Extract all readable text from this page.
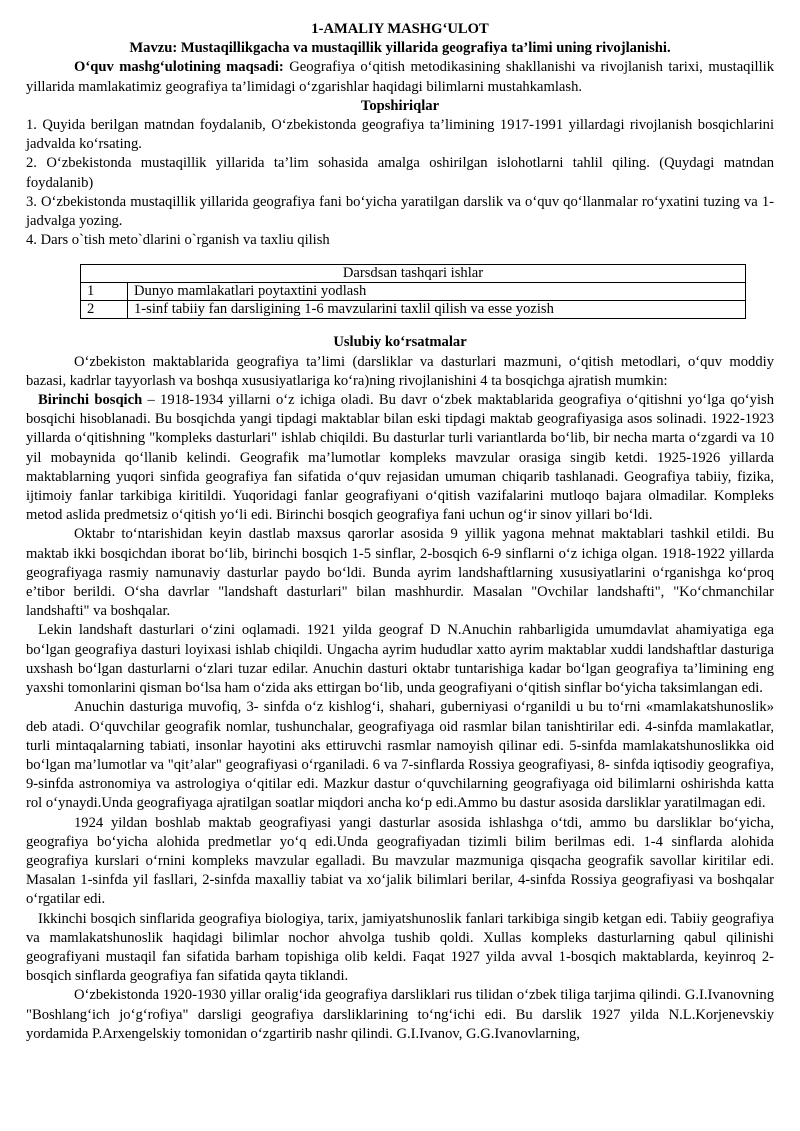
1-AMALIY MASHG‘ULOT

Mavzu: Mustaqillikgacha va mustaqillik yillarida geografiya ta’limi uning rivojlanishi.

O‘quv mashg‘ulotining maqsadi: Geografiya o‘qitish metodikasining shakllanishi va rivojlanish tarixi, mustaqillik yillarida mamlakatimiz geografiya ta’limidagi o‘zgarishlar haqidagi bilimlarni mustahkamlash.

Topshiriqlar

1. Quyida berilgan matndan foydalanib, O‘zbekistonda geografiya ta’limining 1917-1991 yillardagi rivojlanish bosqichlarini jadvalda ko‘rsating.

2. O‘zbekistonda mustaqillik yillarida ta’lim sohasida amalga oshirilgan islohotlarni tahlil qiling. (Quydagi matndan foydalanib)

3. O‘zbekistonda mustaqillik yillarida geografiya fani bo‘yicha yaratilgan darslik va o‘quv qo‘llanmalar ro‘yxatini tuzing va 1-jadvalga yozing.

4. Dars o`tish meto`dlarini o`rganish va taxliu qilish

Darsdsan tashqari ishlar	
1	Dunyo mamlakatlari poytaxtini yodlash
2	1-sinf tabiiy fan darsligining 1-6 mavzularini taxlil qilish va esse yozish

Uslubiy ko‘rsatmalar

O‘zbekiston maktablarida geografiya ta’limi (darsliklar va dasturlari mazmuni, o‘qitish metodlari, o‘quv moddiy bazasi, kadrlar tayyorlash va boshqa xususiyatlariga ko‘ra)ning rivojlanishini 4 ta bosqichga ajratish mumkin:

Birinchi bosqich – 1918-1934 yillarni o‘z ichiga oladi. Bu davr o‘zbek maktablarida geografiya o‘qitishni yo‘lga qo‘yish bosqichi hisoblanadi. Bu bosqichda yangi tipdagi maktablar bilan eski tipdagi maktab geografiyasiga asos solinadi. 1922-1923 yillarda o‘qitishning "kompleks dasturlari" ishlab chiqildi. Bu dasturlar turli variantlarda bo‘lib, bir necha marta o‘zgardi va 10 yil mobaynida qo‘llanib kelindi. Geografik ma’lumotlar kompleks mavzular orasiga singib ketdi. 1925-1926 yillarda maktablarning yuqori sinfida geografiya fan sifatida o‘quv rejasidan umuman chiqarib tashlanadi. Geografiya tabiiy, fizika, ijtimoiy fanlar tarkibiga kiritildi. Yuqoridagi fanlar geografiyani o‘qitish vazifalarini mutloqo bajara olmadilar. Kompleks metod aslida predmetsiz o‘qitish yo‘li edi. Birinchi bosqich geografiya fani uchun og‘ir sinov yillari bo‘ldi.

Oktabr to‘ntarishidan keyin dastlab maxsus qarorlar asosida 9 yillik yagona mehnat maktablari tashkil etildi. Bu maktab ikki bosqichdan iborat bo‘lib, birinchi bosqich 1-5 sinflar, 2-bosqich 6-9 sinflarni o‘z ichiga olgan. 1918-1922 yillarda geografiyaga rasmiy namunaviy dasturlar paydo bo‘ldi. Bunda ayrim landshaftlarning xususiyatlarini o‘rganishga ko‘proq e’tibor berildi. O‘sha davrlar "landshaft dasturlari" bilan mashhurdir. Masalan "Ovchilar landshafti", "Ko‘chmanchilar landshafti" va boshqalar.

Lekin landshaft dasturlari o‘zini oqlamadi. 1921 yilda geograf D N.Anuchin rahbarligida umumdavlat ahamiyatiga ega bo‘lgan geografiya dasturi loyixasi ishlab chiqildi. Ungacha ayrim hududlar xatto ayrim maktablar xuddi landshaftlar dasturiga uxshash bo‘lgan dasturlarni o‘zlari tuzar edilar. Anuchin dasturi oktabr tuntarishiga kadar bo‘lgan geografiya ta’limining eng yaxshi tomonlarini qisman bo‘lsa ham o‘zida aks ettirgan bo‘lib, unda geografiyani o‘qitish sinflar bo‘yicha taksimlangan edi.

Anuchin dasturiga muvofiq, 3- sinfda o‘z kishlog‘i, shahari, guberniyasi o‘rganildi u bu to‘rni «mamlakatshunoslik» deb atadi. O‘quvchilar geografik nomlar, tushunchalar, geografiyaga oid rasmlar bilan tanishtirilar edi. 4-sinfda mamlakatlar, turli mintaqalarning tabiati, insonlar hayotini aks ettiruvchi rasmlar namoyish qilinar edi. 5-sinfda mamlakatshunoslikka oid bo‘lgan ma’lumotlar va "qit’alar" geografiyasi o‘rganiladi. 6 va 7-sinflarda Rossiya geografiyasi, 8- sinfda iqtisodiy geografiya, 9-sinfda astronomiya va astrologiya o‘qitilar edi. Mazkur dastur o‘quvchilarning geografiyaga oid bilimlarni oshirishda katta rol o‘ynaydi.Unda geografiyaga ajratilgan soatlar miqdori ancha ko‘p edi.Ammo bu dastur asosida darsliklar yaratilmagan edi.

1924 yildan boshlab maktab geografiyasi yangi dasturlar asosida ishlashga o‘tdi, ammo bu darsliklar bo‘yicha, geografiya bo‘yicha alohida predmetlar yo‘q edi.Unda geografiyadan tizimli bilim berilmas edi. 1-4 sinflarda alohida geografiya kurslari o‘rnini kompleks mavzular egalladi. Bu mavzular mazmuniga qisqacha geografik savollar kiritilar edi. Masalan 1-sinfda yil fasllari, 2-sinfda maxalliy tabiat va xo‘jalik bilimlari berilar, 4-sinfda Rossiya geografiyasi va boshqalar o‘rgatilar edi.

Ikkinchi bosqich sinflarida geografiya biologiya, tarix, jamiyatshunoslik fanlari tarkibiga singib ketgan edi. Tabiiy geografiya va mamlakatshunoslik haqidagi bilimlar nochor ahvolga tushib qoldi. Xullas kompleks dasturlarning qabul qilinishi geografiyani mustaqil fan sifatida barham topishiga olib keldi. Faqat 1927 yilda avval 1-bosqich maktablarda, keyinroq 2-bosqich sinflarda geografiya fan sifatida qayta tiklandi.

O‘zbekistonda 1920-1930 yillar oralig‘ida geografiya darsliklari rus tilidan o‘zbek tiliga tarjima qilindi. G.I.Ivanovning "Boshlang‘ich jo‘g‘rofiya" darsligi geografiya darsliklarining to‘ng‘ichi edi. Bu darslik 1927 yilda N.L.Korjenevskiy yordamida P.Arxengelskiy tomonidan o‘zgartirib nashr qilindi. G.I.Ivanov, G.G.Ivanovlarning,
